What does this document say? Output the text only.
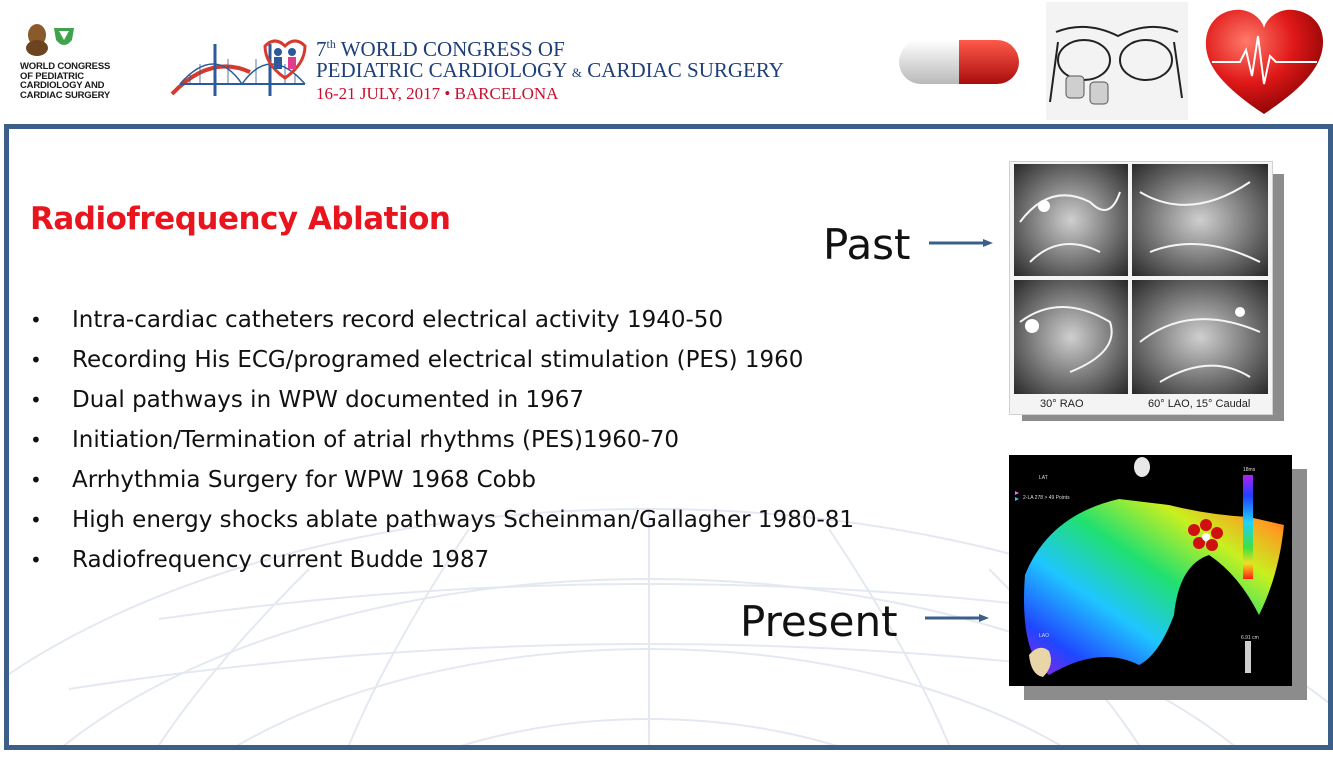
WORLD CONGRESS
OF PEDIATRIC
CARDIOLOGY AND
CARDIAC SURGERY
7th WORLD CONGRESS OF
PEDIATRIC CARDIOLOGY & CARDIAC SURGERY
16-21 JULY, 2017 • BARCELONA
Radiofrequency Ablation
• Intra-cardiac catheters record electrical activity 1940-50
• Recording His ECG/programed electrical stimulation (PES) 1960
• Dual pathways in WPW documented in 1967
• Initiation/Termination of atrial rhythms (PES)1960-70
• Arrhythmia Surgery for WPW 1968 Cobb
• High energy shocks ablate pathways Scheinman/Gallagher 1980-81
• Radiofrequency current Budde 1987
Past
Present
30° RAO	60° LAO, 15° Caudal
LAT
2-LA 278 > 49 Points
LAO
18ms
6.91 cm
